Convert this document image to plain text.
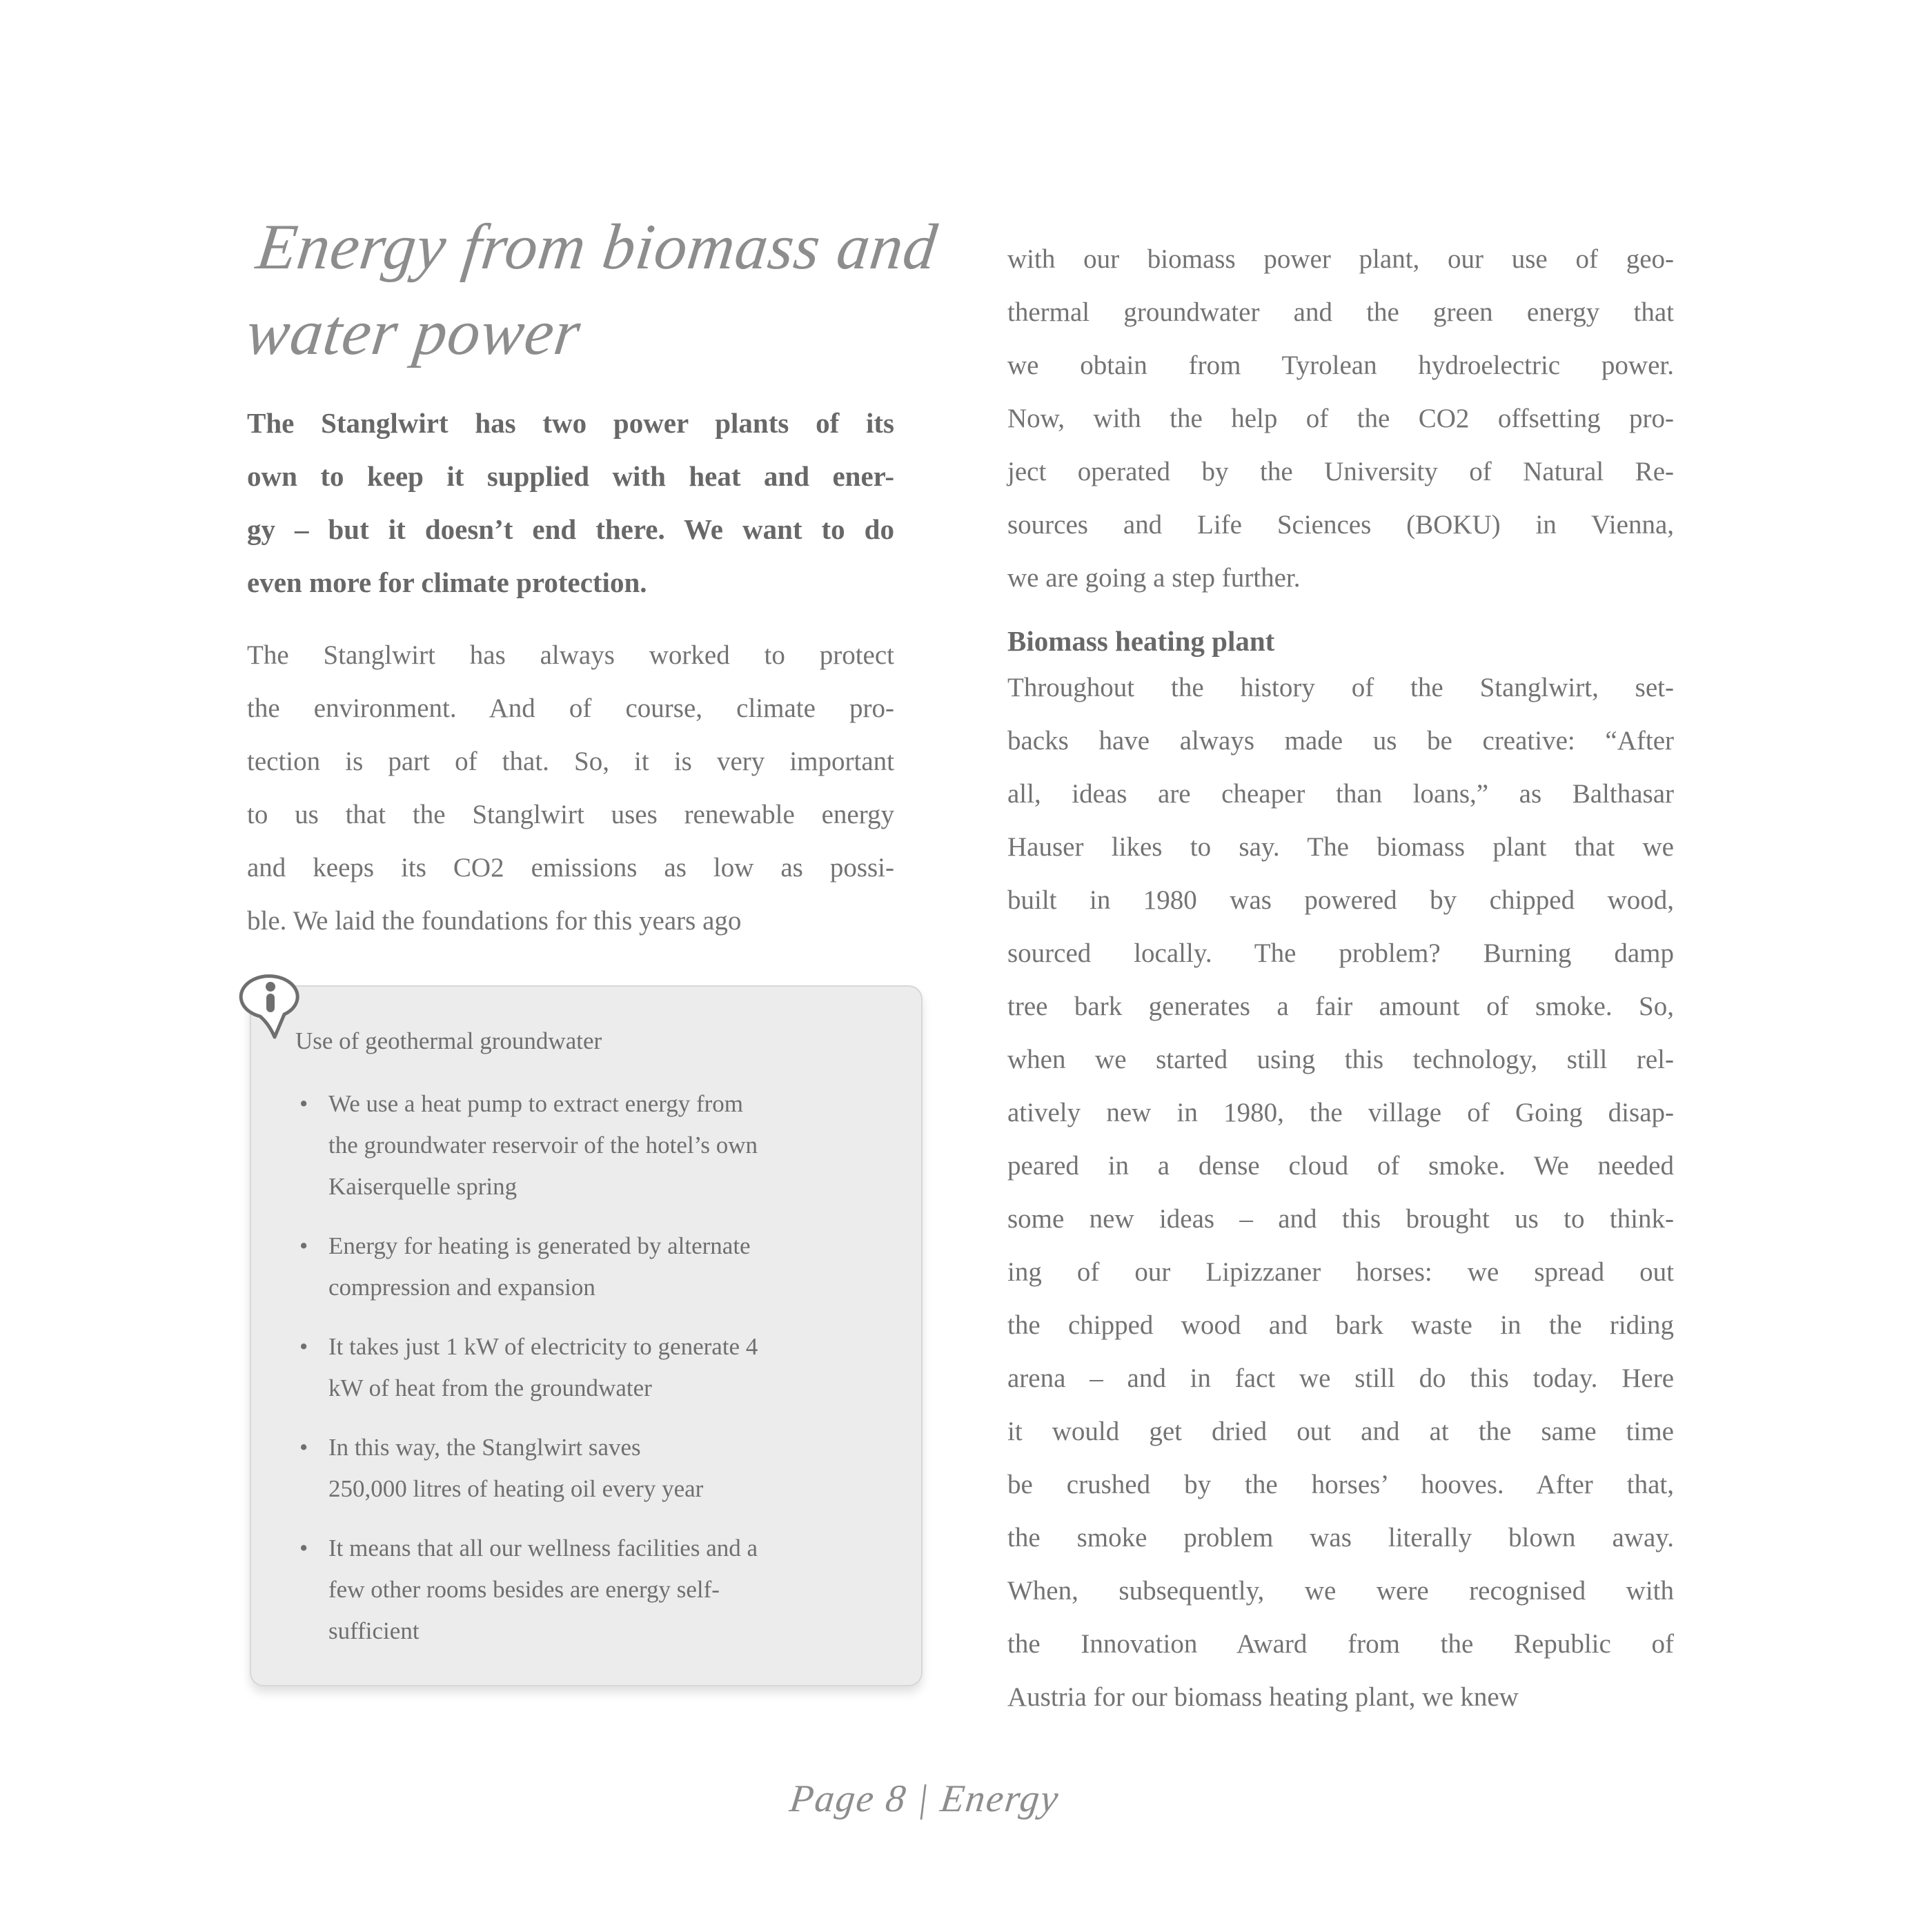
Energy from biomass and
water power
The Stanglwirt has two power plants of its
own to keep it supplied with heat and ener-
gy – but it doesn’t end there. We want to do
even more for climate protection.
The Stanglwirt has always worked to protect
the environment. And of course, climate pro-
tection is part of that. So, it is very important
to us that the Stanglwirt uses renewable energy
and keeps its CO2 emissions as low as possi-
ble. We laid the foundations for this years ago
Use of geothermal groundwater
• We use a heat pump to extract energy from
the groundwater reservoir of the hotel’s own
Kaiserquelle spring
• Energy for heating is generated by alternate
compression and expansion
• It takes just 1 kW of electricity to generate 4
kW of heat from the groundwater
• In this way, the Stanglwirt saves
250,000 litres of heating oil every year
• It means that all our wellness facilities and a
few other rooms besides are energy self-
sufficient
with our biomass power plant, our use of geo-
thermal groundwater and the green energy that
we obtain from Tyrolean hydroelectric power.
Now, with the help of the CO2 offsetting pro-
ject operated by the University of Natural Re-
sources and Life Sciences (BOKU) in Vienna,
we are going a step further.
Biomass heating plant
Throughout the history of the Stanglwirt, set-
backs have always made us be creative: “After
all, ideas are cheaper than loans,” as Balthasar
Hauser likes to say. The biomass plant that we
built in 1980 was powered by chipped wood,
sourced locally. The problem? Burning damp
tree bark generates a fair amount of smoke. So,
when we started using this technology, still rel-
atively new in 1980, the village of Going disap-
peared in a dense cloud of smoke. We needed
some new ideas – and this brought us to think-
ing of our Lipizzaner horses: we spread out
the chipped wood and bark waste in the riding
arena – and in fact we still do this today. Here
it would get dried out and at the same time
be crushed by the horses’ hooves. After that,
the smoke problem was literally blown away.
When, subsequently, we were recognised with
the Innovation Award from the Republic of
Austria for our biomass heating plant, we knew
Page 8 | Energy
